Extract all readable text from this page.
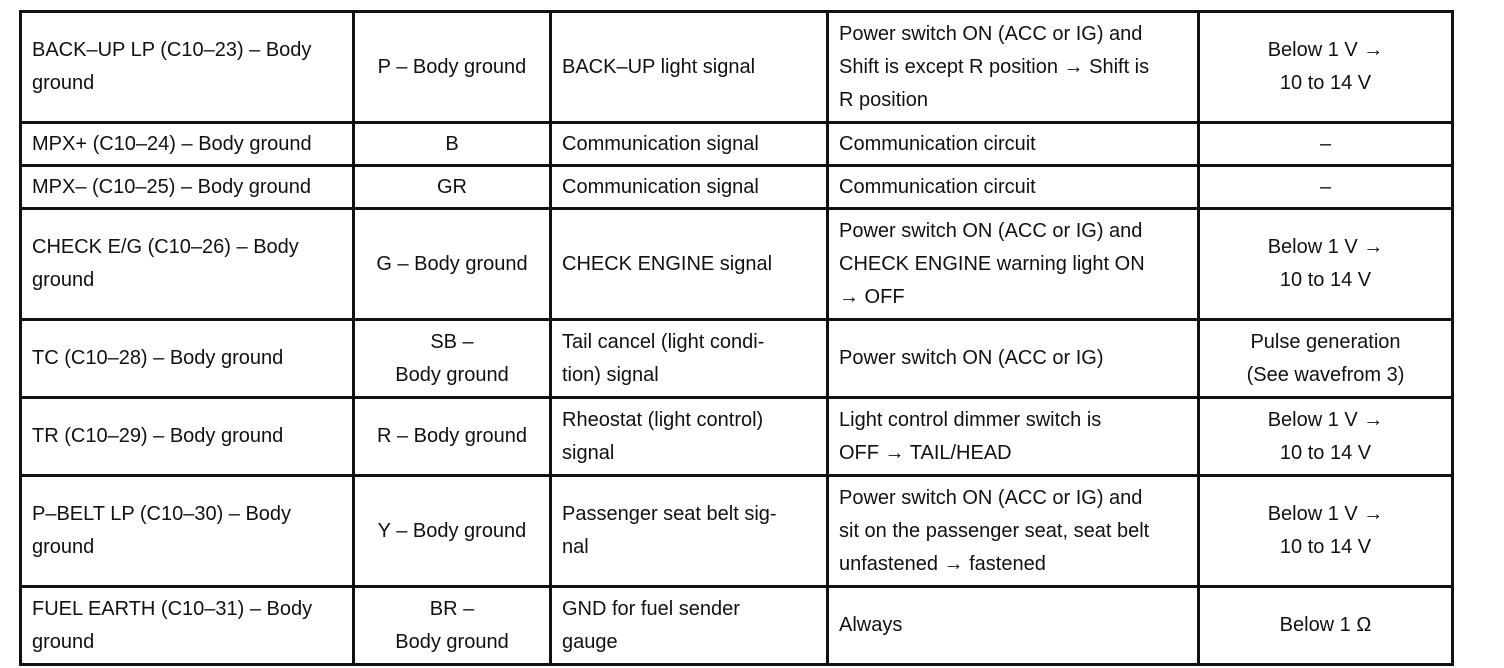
BACK–UP LP (C10–23) – Body
ground	P – Body ground	BACK–UP light signal	Power switch ON (ACC or IG) and
Shift is except R position → Shift is
R position	Below 1 V →
10 to 14 V

MPX+ (C10–24) – Body ground	B	Communication signal	Communication circuit	–

MPX– (C10–25) – Body ground	GR	Communication signal	Communication circuit	–

CHECK E/G (C10–26) – Body
ground	G – Body ground	CHECK ENGINE signal	Power switch ON (ACC or IG) and
CHECK ENGINE warning light ON
→ OFF	Below 1 V →
10 to 14 V

TC (C10–28) – Body ground	SB –
Body ground	Tail cancel (light condi-
tion) signal	Power switch ON (ACC or IG)	Pulse generation
(See wavefrom 3)

TR (C10–29) – Body ground	R – Body ground	Rheostat (light control)
signal	Light control dimmer switch is
OFF → TAIL/HEAD	Below 1 V →
10 to 14 V

P–BELT LP (C10–30) – Body
ground	Y – Body ground	Passenger seat belt sig-
nal	Power switch ON (ACC or IG) and
sit on the passenger seat, seat belt
unfastened → fastened	Below 1 V →
10 to 14 V

FUEL EARTH (C10–31) – Body
ground	BR –
Body ground	GND for fuel sender
gauge	Always	Below 1 Ω
